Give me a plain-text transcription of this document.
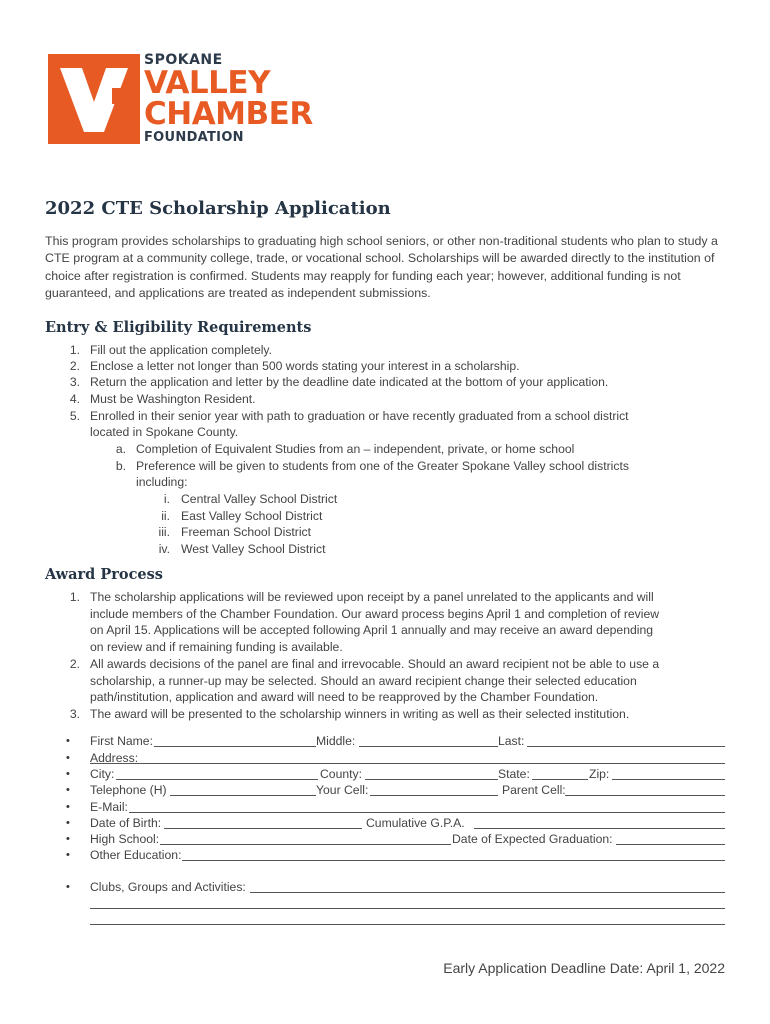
SPOKANE
VALLEY
CHAMBER
FOUNDATION
2022 CTE Scholarship Application
This program provides scholarships to graduating high school seniors, or other non-traditional students who plan to study a CTE program at a community college, trade, or vocational school. Scholarships will be awarded directly to the institution of choice after registration is confirmed. Students may reapply for funding each year; however, additional funding is not guaranteed, and applications are treated as independent submissions.
Entry & Eligibility Requirements
1. Fill out the application completely.
2. Enclose a letter not longer than 500 words stating your interest in a scholarship.
3. Return the application and letter by the deadline date indicated at the bottom of your application.
4. Must be Washington Resident.
5. Enrolled in their senior year with path to graduation or have recently graduated from a school district
located in Spokane County.
a. Completion of Equivalent Studies from an – independent, private, or home school
b. Preference will be given to students from one of the Greater Spokane Valley school districts
including:
i. Central Valley School District
ii. East Valley School District
iii. Freeman School District
iv. West Valley School District
Award Process
1. The scholarship applications will be reviewed upon receipt by a panel unrelated to the applicants and will
include members of the Chamber Foundation. Our award process begins April 1 and completion of review
on April 15. Applications will be accepted following April 1 annually and may receive an award depending
on review and if remaining funding is available.
2. All awards decisions of the panel are final and irrevocable. Should an award recipient not be able to use a
scholarship, a runner-up may be selected. Should an award recipient change their selected education
path/institution, application and award will need to be reapproved by the Chamber Foundation.
3. The award will be presented to the scholarship winners in writing as well as their selected institution.
• First Name:	Middle:	Last:
• Address:
• City:	County:	State:	Zip:
• Telephone (H)	Your Cell:	Parent Cell:
• E-Mail:
• Date of Birth:	Cumulative G.P.A.
• High School:	Date of Expected Graduation:
• Other Education:
• Clubs, Groups and Activities:
Early Application Deadline Date: April 1, 2022
